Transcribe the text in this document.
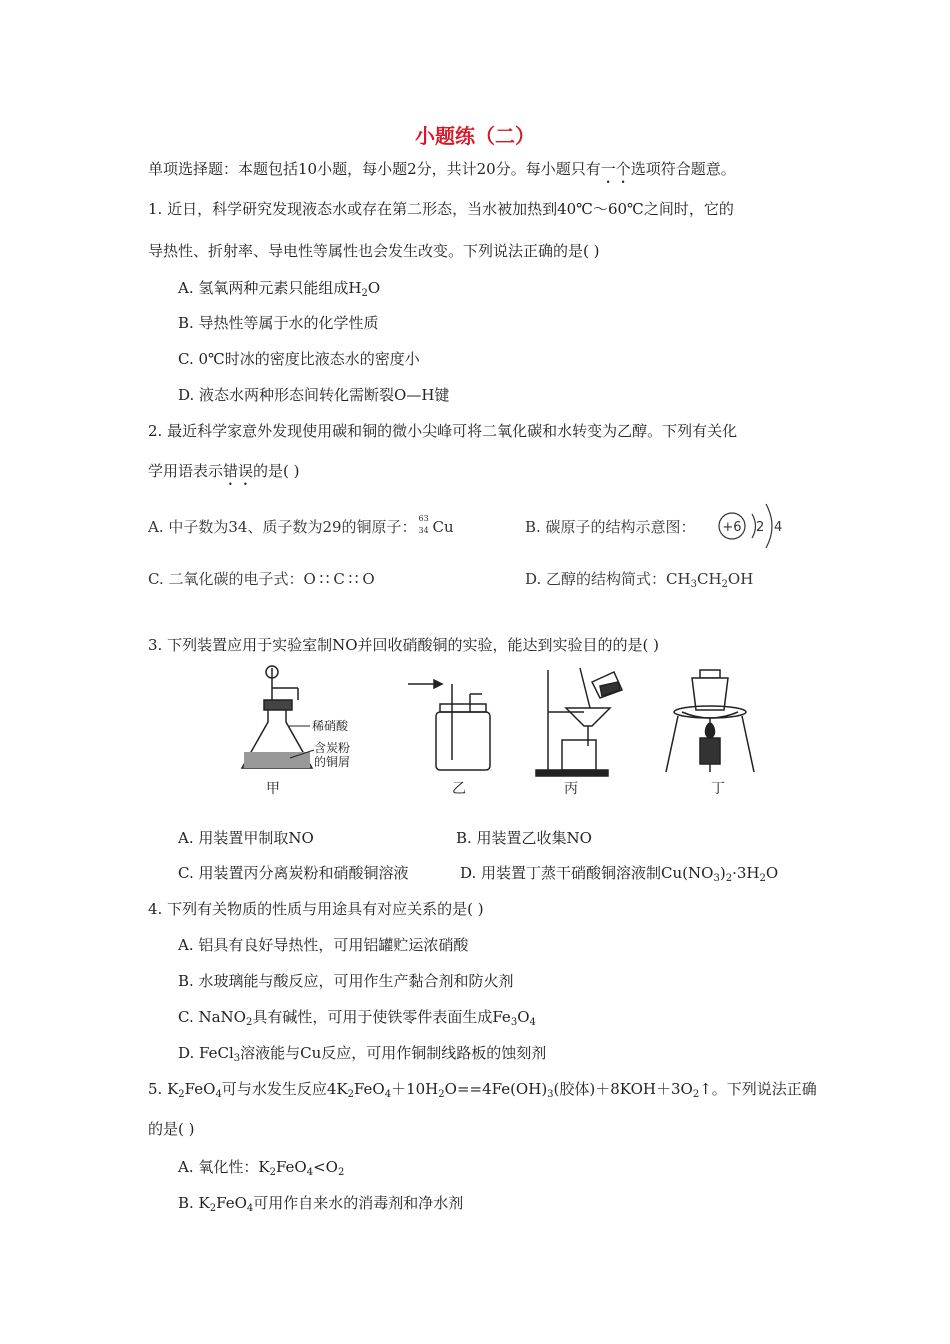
小题练（二）
单项选择题：本题包括10小题，每小题2分，共计20分。每小题只有一个选项符合题意。
1. 近日，科学研究发现液态水或存在第二形态，当水被加热到40℃～60℃之间时，它的
导热性、折射率、导电性等属性也会发生改变。下列说法正确的是( )
A. 氢氧两种元素只能组成$H_2O$
B. 导热性等属于水的化学性质
C. 0℃时冰的密度比液态水的密度小
D. 液态水两种形态间转化需断裂O—H键
2. 最近科学家意外发现使用碳和铜的微小尖峰可将二氧化碳和水转变为乙醇。下列有关化
学用语表示错误的是( )
A. 中子数为34、质子数为29的铜原子： 63
34 Cu	B. 碳原子的结构示意图： +6 2 4
C. 二氧化碳的电子式：O∷C∷O	D. 乙醇的结构简式：$CH_3CH_2OH$
3. 下列装置应用于实验室制NO并回收硝酸铜的实验，能达到实验目的的是( )
稀硝酸
含炭粉
的铜屑
甲	乙	丙	丁
A. 用装置甲制取NO	B. 用装置乙收集NO
C. 用装置丙分离炭粉和硝酸铜溶液	D. 用装置丁蒸干硝酸铜溶液制$Cu(NO_3)_2\cdot 3H_2O$
4. 下列有关物质的性质与用途具有对应关系的是( )
A. 铝具有良好导热性，可用铝罐贮运浓硝酸
B. 水玻璃能与酸反应，可用作生产黏合剂和防火剂
C. NaNO$_2$具有碱性，可用于使铁零件表面生成$Fe_3O_4$
D. FeCl$_3$溶液能与Cu反应，可用作铜制线路板的蚀刻剂
5. $K_2FeO_4$可与水发生反应$4K_2FeO_4+10H_2O==4Fe(OH)_3$(胶体)$+8KOH+3O_2↑$。下列说法正确
的是( )
A. 氧化性：$K_2FeO_4<O_2$
B. $K_2FeO_4$可用作自来水的消毒剂和净水剂
